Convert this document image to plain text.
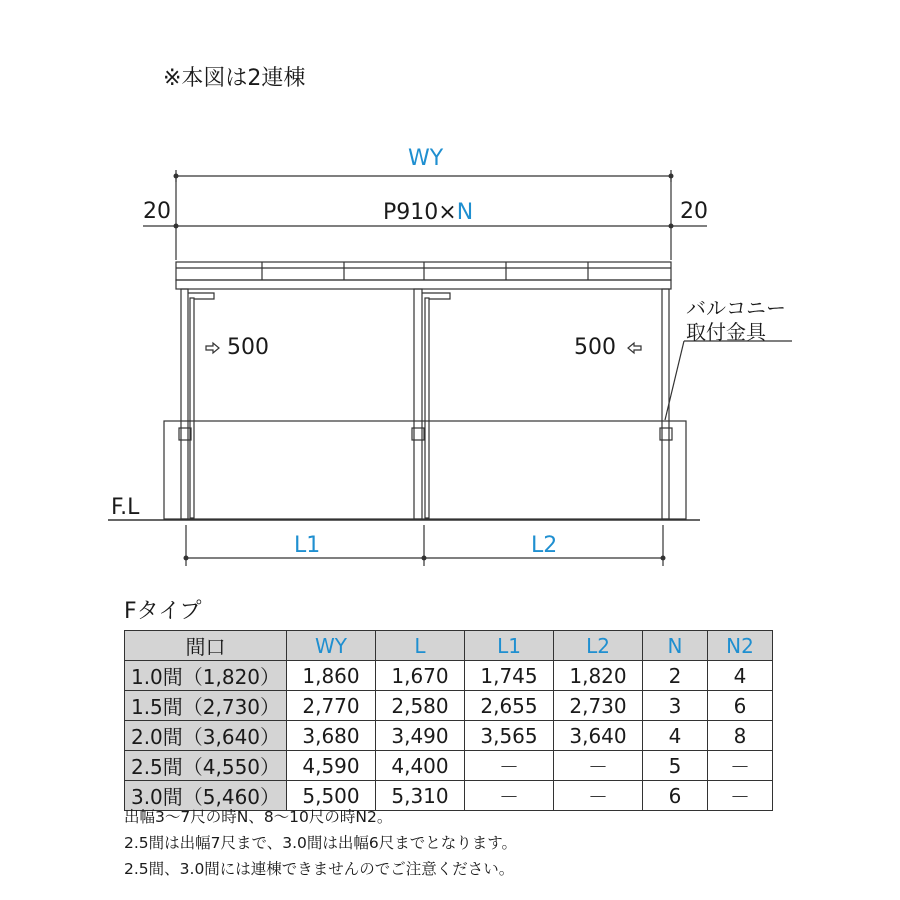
※本図は2連棟
WY
P910×N
20	20
500	500
バルコニー
取付金具
F.L
L1	L2
Fタイプ
間口	WY	L	L1	L2	N	N2
1.0間（1,820）	1,860	1,670	1,745	1,820	2	4
1.5間（2,730）	2,770	2,580	2,655	2,730	3	6
2.0間（3,640）	3,680	3,490	3,565	3,640	4	8
2.5間（4,550）	4,590	4,400	－	－	5	－
3.0間（5,460）	5,500	5,310	－	－	6	－
出幅3～7尺の時N、8～10尺の時N2。
2.5間は出幅7尺まで、3.0間は出幅6尺までとなります。
2.5間、3.0間には連棟できませんのでご注意ください。
